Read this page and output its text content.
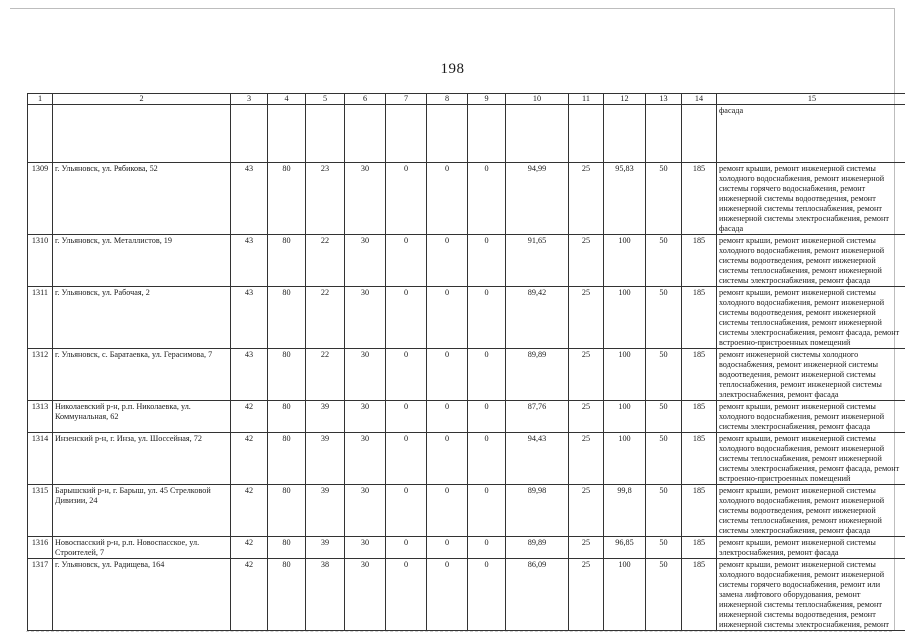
198
1	2	3	4	5	6	7	8	9	10	11	12	13	14	15
														фасада
1309	г. Ульяновск, ул. Рябикова, 52	43	80	23	30	0	0	0	94,99	25	95,83	50	185	ремонт крыши, ремонт инженерной системы холодного водоснабжения, ремонт инженерной системы горячего водоснабжения, ремонт инженерной системы водоотведения, ремонт инженерной системы теплоснабжения, ремонт инженерной системы электроснабжения, ремонт фасада
1310	г. Ульяновск, ул. Металлистов, 19	43	80	22	30	0	0	0	91,65	25	100	50	185	ремонт крыши, ремонт инженерной системы холодного водоснабжения, ремонт инженерной системы водоотведения, ремонт инженерной системы теплоснабжения, ремонт инженерной системы электроснабжения, ремонт фасада
1311	г. Ульяновск, ул. Рабочая, 2	43	80	22	30	0	0	0	89,42	25	100	50	185	ремонт крыши, ремонт инженерной системы холодного водоснабжения, ремонт инженерной системы водоотведения, ремонт инженерной системы теплоснабжения, ремонт инженерной системы электроснабжения, ремонт фасада, ремонт встроенно-пристроенных помещений
1312	г. Ульяновск, с. Баратаевка, ул. Герасимова, 7	43	80	22	30	0	0	0	89,89	25	100	50	185	ремонт инженерной системы холодного водоснабжения, ремонт инженерной системы водоотведения, ремонт инженерной системы теплоснабжения, ремонт инженерной системы электроснабжения, ремонт фасада
1313	Николаевский р-н, р.п. Николаевка, ул. Коммунальная, 62	42	80	39	30	0	0	0	87,76	25	100	50	185	ремонт крыши, ремонт инженерной системы холодного водоснабжения, ремонт инженерной системы электроснабжения, ремонт фасада
1314	Инзенский р-н, г. Инза, ул. Шоссейная, 72	42	80	39	30	0	0	0	94,43	25	100	50	185	ремонт крыши, ремонт инженерной системы холодного водоснабжения, ремонт инженерной системы теплоснабжения, ремонт инженерной системы электроснабжения, ремонт фасада, ремонт встроенно-пристроенных помещений
1315	Барышский р-н, г. Барыш, ул. 45 Стрелковой Дивизии, 24	42	80	39	30	0	0	0	89,98	25	99,8	50	185	ремонт крыши, ремонт инженерной системы холодного водоснабжения, ремонт инженерной системы водоотведения, ремонт инженерной системы теплоснабжения, ремонт инженерной системы электроснабжения, ремонт фасада
1316	Новоспасский р-н, р.п. Новоспасское, ул. Строителей, 7	42	80	39	30	0	0	0	89,89	25	96,85	50	185	ремонт крыши, ремонт инженерной системы электроснабжения, ремонт фасада
1317	г. Ульяновск, ул. Радищева, 164	42	80	38	30	0	0	0	86,09	25	100	50	185	ремонт крыши, ремонт инженерной системы холодного водоснабжения, ремонт инженерной системы горячего водоснабжения, ремонт или замена лифтового оборудования, ремонт инженерной системы теплоснабжения, ремонт инженерной системы водоотведения, ремонт инженерной системы электроснабжения, ремонт
